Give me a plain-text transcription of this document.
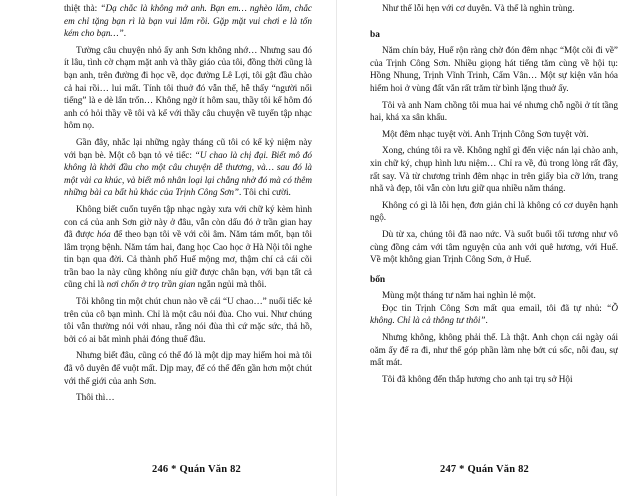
thiệt thà: “Dạ chắc là không mở anh. Bạn em… nghèo lắm, chắc em chỉ tặng bạn rì là bạn vui lắm rồi. Gặp mặt vui chơi e là tốn kém cho bạn…”.

Tường câu chuyện nhỏ ấy anh Sơn không nhớ… Nhưng sau đó ít lâu, tình cờ chạm mặt anh và thầy giáo của tôi, đồng thời cũng là bạn anh, trên đường đi học về, dọc đường Lê Lợi, tôi gật đầu chào cả hai rồi… lui mất. Tính tôi thuở đó vẫn thế, hễ thấy “người nổi tiếng” là e dè lẩn trốn… Không ngờ ít hôm sau, thầy tôi kể hôm đó anh có hỏi thầy về tôi và kể với thầy câu chuyện về tuyển tập nhạc hôm nọ.

Gần đây, nhắc lại những ngày tháng cũ tôi có kể kỷ niệm này với bạn bè. Một cô bạn tỏ vẻ tiếc: “U chao là chị đại. Biết mô đó không là khởi đầu cho một câu chuyện dễ thương, và… sau đó là một vài ca khúc, và biết mô nhân loại lại chẳng nhờ đó mà có thêm những bài ca bất hủ khác của Trịnh Công Sơn”. Tôi chỉ cười.

Không biết cuốn tuyển tập nhạc ngày xưa với chữ ký kèm hình con cá của anh Sơn giờ này ở đâu, vẫn còn dấu đó ở trần gian hay đã được hóa để theo bạn tôi về với cõi âm. Năm tám mốt, bạn tôi lâm trọng bệnh. Năm tám hai, đang học Cao học ở Hà Nội tôi nghe tin bạn qua đời. Cả thành phố Huế mộng mơ, thậm chí cả cái cõi trần bao la này cũng không níu giữ được chân bạn, với bạn tất cả cũng chỉ là nơi chốn ở trọ trần gian ngắn ngủi mà thôi.

Tôi không tin một chút chun nào về cái “U chao…” nuối tiếc kẻ trên của cô bạn mình. Chỉ là một câu nói đùa. Cho vui. Như chúng tôi vẫn thường nói với nhau, rằng nói đùa thì cứ mặc sức, thả hồ, bởi có ai bắt mình phải đóng thuế đâu.

Nhưng biết đâu, cũng có thể đó là một dịp may hiếm hoi mà tôi đã vô duyên để vuột mất. Dịp may, để có thể đến gần hơn một chút với thế giới của anh Sơn.

Thôi thì…

Như thế lỗi hẹn với cơ duyên. Và thế là nghìn trùng.

ba

Năm chín bảy, Huế rộn ràng chờ đón đêm nhạc “Một cõi đi về” của Trịnh Công Sơn. Nhiều giọng hát tiếng tăm cùng về hội tụ: Hồng Nhung, Trịnh Vĩnh Trinh, Cẩm Vân… Một sự kiện văn hóa hiếm hoi ở vùng đất vắn rất trăm từ bình lặng thuở ấy.

Tôi và anh Nam chồng tôi mua hai vé nhưng chỗ ngồi ở tít tầng hai, khá xa sân khấu.

Một đêm nhạc tuyệt vời. Anh Trịnh Công Sơn tuyệt vời.

Xong, chúng tôi ra về. Không nghĩ gì đến việc nán lại chào anh, xin chữ ký, chụp hình lưu niệm… Chỉ ra về, đủ trong lòng rất đầy, rất say. Và từ chương trình đêm nhạc in trên giấy bìa cỡ lớn, trang nhã và đẹp, tôi vẫn còn lưu giữ qua nhiều năm tháng.

Không có gì là lỗi hẹn, đơn giản chỉ là không có cơ duyên hạnh ngộ.

Dù từ xa, chúng tôi đã nao nức. Và suốt buổi tối tương như vô cùng đồng cảm với tâm nguyện của anh với quê hương, với Huế. Về một không gian Trịnh Công Sơn, ở Huế.

bốn

Mùng một tháng tư năm hai nghìn lẻ một.

Đọc tin Trịnh Công Sơn mất qua email, tôi đã tự nhủ: “Ồ không. Chỉ là cả thông tư thôi”.

Nhưng không, không phải thế. Là thật. Anh chọn cái ngày oái oăm ấy để ra đi, như thể góp phần làm nhẹ bớt cú sốc, nỗi đau, sự mất mát.

Tôi đã không đến thắp hương cho anh tại trụ sở Hội

246 * Quán Văn 82	247 * Quán Văn 82
